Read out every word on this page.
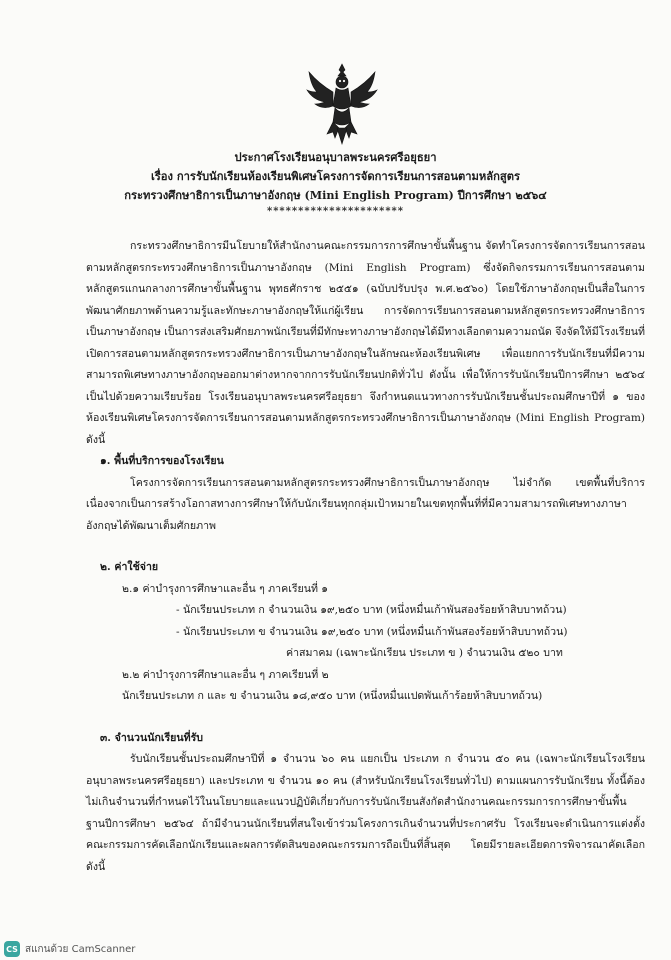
ประกาศโรงเรียนอนุบาลพระนครศรีอยุธยา
เรื่อง การรับนักเรียนห้องเรียนพิเศษโครงการจัดการเรียนการสอนตามหลักสูตร
กระทรวงศึกษาธิการเป็นภาษาอังกฤษ (Mini English Program) ปีการศึกษา ๒๕๖๔
**********************

กระทรวงศึกษาธิการมีนโยบายให้สำนักงานคณะกรรมการการศึกษาขั้นพื้นฐาน จัดทำโครงการจัดการเรียนการสอนตามหลักสูตรกระทรวงศึกษาธิการเป็นภาษาอังกฤษ (Mini English Program) ซึ่งจัดกิจกรรมการเรียนการสอนตามหลักสูตรแกนกลางการศึกษาขั้นพื้นฐาน พุทธศักราช ๒๕๕๑ (ฉบับปรับปรุง พ.ศ.๒๕๖๐) โดยใช้ภาษาอังกฤษเป็นสื่อในการพัฒนาศักยภาพด้านความรู้และทักษะภาษาอังกฤษให้แก่ผู้เรียน การจัดการเรียนการสอนตามหลักสูตรกระทรวงศึกษาธิการเป็นภาษาอังกฤษ เป็นการส่งเสริมศักยภาพนักเรียนที่มีทักษะทางภาษาอังกฤษได้มีทางเลือกตามความถนัด จึงจัดให้มีโรงเรียนที่เปิดการสอนตามหลักสูตรกระทรวงศึกษาธิการเป็นภาษาอังกฤษในลักษณะห้องเรียนพิเศษ เพื่อแยกการรับนักเรียนที่มีความสามารถพิเศษทางภาษาอังกฤษออกมาต่างหากจากการรับนักเรียนปกติทั่วไป ดังนั้น เพื่อให้การรับนักเรียนปีการศึกษา ๒๕๖๔ เป็นไปด้วยความเรียบร้อย โรงเรียนอนุบาลพระนครศรีอยุธยา จึงกำหนดแนวทางการรับนักเรียนชั้นประถมศึกษาปีที่ ๑ ของห้องเรียนพิเศษโครงการจัดการเรียนการสอนตามหลักสูตรกระทรวงศึกษาธิการเป็นภาษาอังกฤษ (Mini English Program) ดังนี้

๑. พื้นที่บริการของโรงเรียน

โครงการจัดการเรียนการสอนตามหลักสูตรกระทรวงศึกษาธิการเป็นภาษาอังกฤษ ไม่จำกัด เขตพื้นที่บริการ เนื่องจากเป็นการสร้างโอกาสทางการศึกษาให้กับนักเรียนทุกกลุ่มเป้าหมายในเขตทุกพื้นที่ที่มีความสามารถพิเศษทางภาษาอังกฤษได้พัฒนาเต็มศักยภาพ

๒. ค่าใช้จ่าย

๒.๑ ค่าบำรุงการศึกษาและอื่น ๆ ภาคเรียนที่ ๑

- นักเรียนประเภท ก จำนวนเงิน ๑๙,๒๕๐ บาท (หนึ่งหมื่นเก้าพันสองร้อยห้าสิบบาทถ้วน)

- นักเรียนประเภท ข จำนวนเงิน ๑๙,๒๕๐ บาท (หนึ่งหมื่นเก้าพันสองร้อยห้าสิบบาทถ้วน)

ค่าสมาคม (เฉพาะนักเรียน ประเภท ข ) จำนวนเงิน ๕๒๐ บาท

๒.๒ ค่าบำรุงการศึกษาและอื่น ๆ ภาคเรียนที่ ๒

นักเรียนประเภท ก และ ข จำนวนเงิน ๑๘,๙๕๐ บาท (หนึ่งหมื่นแปดพันเก้าร้อยห้าสิบบาทถ้วน)

๓. จำนวนนักเรียนที่รับ

รับนักเรียนชั้นประถมศึกษาปีที่ ๑ จำนวน ๖๐ คน แยกเป็น ประเภท ก จำนวน ๕๐ คน (เฉพาะนักเรียนโรงเรียนอนุบาลพระนครศรีอยุธยา) และประเภท ข จำนวน ๑๐ คน (สำหรับนักเรียนโรงเรียนทั่วไป) ตามแผนการรับนักเรียน ทั้งนี้ต้องไม่เกินจำนวนที่กำหนดไว้ในนโยบายและแนวปฏิบัติเกี่ยวกับการรับนักเรียนสังกัดสำนักงานคณะกรรมการการศึกษาขั้นพื้นฐานปีการศึกษา ๒๕๖๔ ถ้ามีจำนวนนักเรียนที่สนใจเข้าร่วมโครงการเกินจำนวนที่ประกาศรับ โรงเรียนจะดำเนินการแต่งตั้งคณะกรรมการคัดเลือกนักเรียนและผลการตัดสินของคณะกรรมการถือเป็นที่สิ้นสุด โดยมีรายละเอียดการพิจารณาคัดเลือกดังนี้

CS สแกนด้วย CamScanner
